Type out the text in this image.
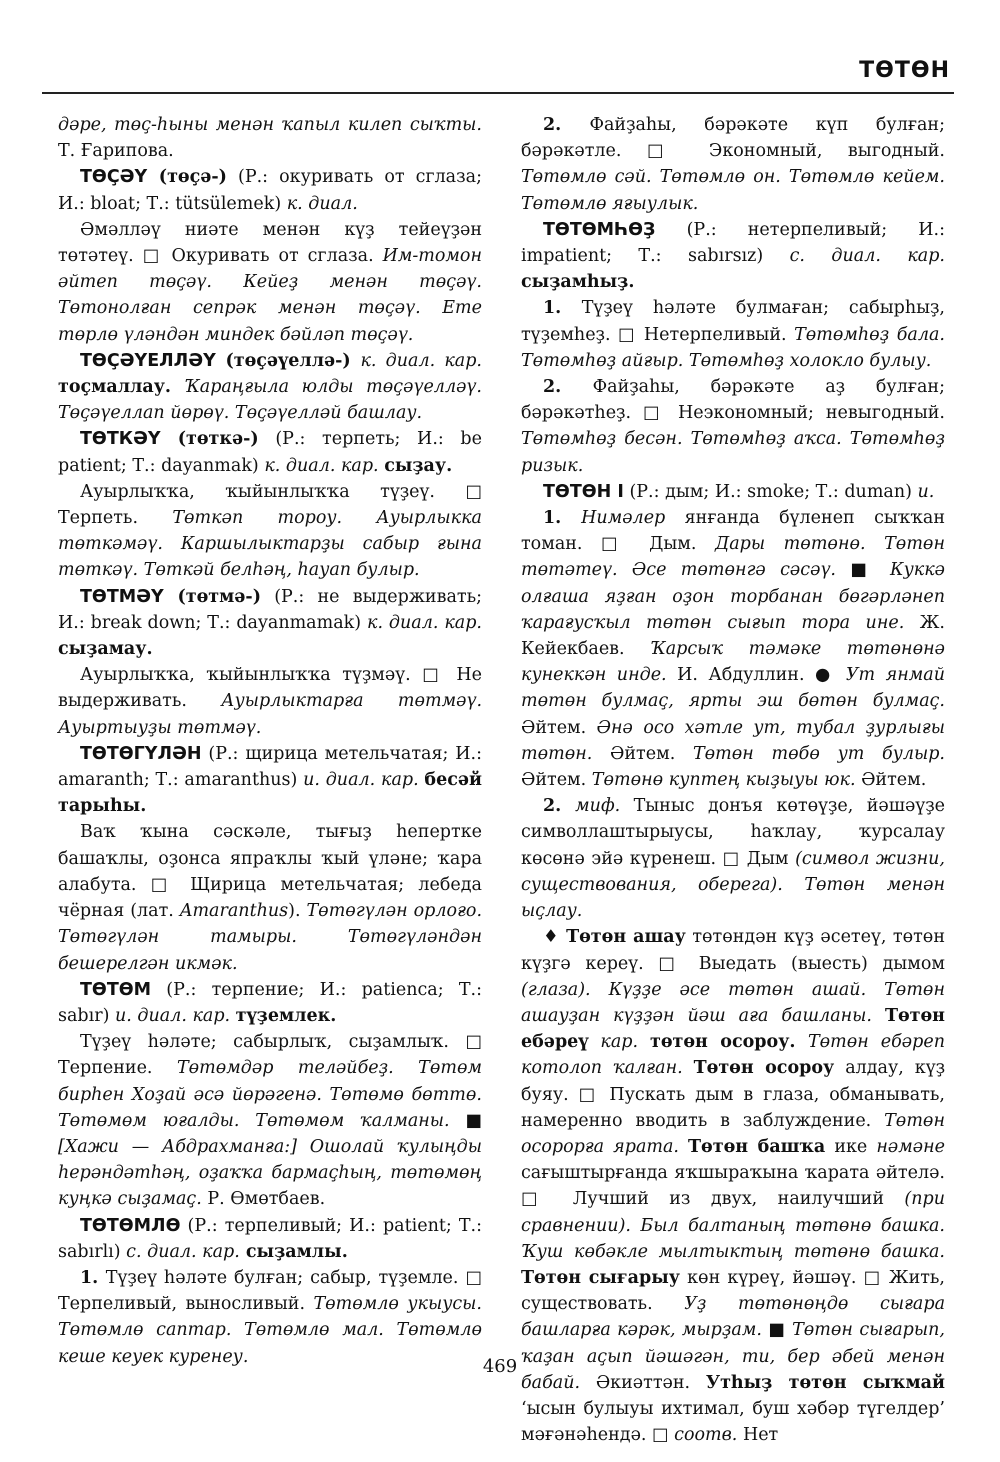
ТӨТӨН

дәре, төҫ-һыны менән ҡапыл килеп сыҡты. Т. Ғарипова.

ТӨҪӘҮ (төҫә-) (Р.: окуривать от сглаза; И.: bloat; Т.: tütsülemek) к. диал.

Әмәлләү ниәте менән күҙ тейеүҙән төтәтеү. □ Окуривать от сглаза. Им-томон әйтеп төҫәү. Кейеҙ менән төҫәү. Төтонолған сепрәк менән төҫәү. Ете төрлө үләндән миндек бәйләп төҫәү.

ТӨҪӘҮЕЛЛӘҮ (төҫәүеллә-) к. диал. кар. тоҫмаллау. Ҡараңғыла юлды төҫәүелләү. Төҫәүеллап йөрөү. Төҫәүелләй башлау.

ТӨТКӘҮ (төткә-) (Р.: терпеть; И.: be patient; Т.: dayanmak) к. диал. кар. сыҙау.

Ауырлыҡҡа, ҡыйынлыҡҡа түҙеү. □ Терпеть. Төткәп тороу. Ауырлыкка төткәмәү. Каршылыктарҙы сабыр ғына төткәү. Төткәй белһәң, һауап булыр.

ТӨТМӘҮ (төтмә-) (Р.: не выдерживать; И.: break down; Т.: dayanmamak) к. диал. кар. сыҙамау.

Ауырлыҡҡа, ҡыйынлыҡҡа түҙмәү. □ Не выдерживать. Ауырлыктарға төтмәү. Ауыртыуҙы төтмәү.

ТӨТӨГҮЛӘН (Р.: щирица метельчатая; И.: amaranth; Т.: amaranthus) и. диал. кар. бесәй тарыһы.

Ваҡ ҡына сәскәле, тығыҙ һепертке башаҡлы, оҙонса япраҡлы ҡый үләне; ҡара алабута. □ Щирица метельчатая; лебеда чёрная (лат. Amaranthus). Төтөгүлән орлоғо. Төтөгүлән тамыры. Төтөгүләндән бешерелгән икмәк.

ТӨТӨМ (Р.: терпение; И.: patienca; Т.: sabır) и. диал. кар. түҙемлек.

Түҙеү һәләте; сабырлыҡ, сыҙамлыҡ. □ Терпение. Төтөмдәр теләйбеҙ. Төтөм бирһен Хоҙай әсә йөрәгенә. Төтөмө бөттө. Төтөмөм юғалды. Төтөмөм ҡалманы. ■ [Хажи — Абдрахманға:] Ошолай ҡулыңды һерәндәтһәң, оҙаҡҡа бармаҫһың, төтөмөң куңкә сыҙамаҫ. Р. Өмөтбаев.

ТӨТӨМЛӨ (Р.: терпеливый; И.: patient; Т.: sabırlı) с. диал. кар. сыҙамлы.

1. Түҙеү һәләте булған; сабыр, түҙемле. □ Терпеливый, выносливый. Төтөмлө укыусы. Төтөмлө саптар. Төтөмлө мал. Төтөмлө кеше кеуек куренеу.

2. Файҙаһы, бәрәкәте күп булған; бәрәкәтле. □ Экономный, выгодный. Төтөмлө сәй. Төтөмлө он. Төтөмлө кейем. Төтөмлө яғыулык.

ТӨТӨМҺӨҘ (Р.: нетерпеливый; И.: impatient; Т.: sabırsız) с. диал. кар. сыҙамһыҙ.

1. Түҙеү һәләте булмаған; сабырһыҙ, түҙемһеҙ. □ Нетерпеливый. Төтөмһөҙ бала. Төтөмһөҙ айғыр. Төтөмһөҙ холокло булыу.

2. Файҙаһы, бәрәкәте аҙ булған; бәрәкәтһеҙ. □ Неэкономный; невыгодный. Төтөмһөҙ бесән. Төтөмһөҙ аҡса. Төтөмһөҙ ризык.

ТӨТӨН I (Р.: дым; И.: smoke; Т.: duman) и.

1. Нимәлер янғанда бүленеп сыҡҡан томан. □ Дым. Дары төтөнө. Төтөн төтәтеү. Әсе төтөнгә сәсәү. ■ Куккә олғаша яҙған оҙон торбанан бөгәрләнеп ҡарағусҡыл төтөн сығып тора ине. Ж. Кейекбаев. Ҡарсыҡ тәмәке төтөнөнә кунеккән инде. И. Абдуллин. ● Ут янмай төтөн булмаҫ, ярты эш бөтөн булмаҫ. Әйтем. Әнә осо хәтле ут, тубал ҙурлығы төтөн. Әйтем. Төтөн төбө ут булыр. Әйтем. Төтөнө куптең кыҙыуы юк. Әйтем.

2. миф. Тыныс донъя көтөүҙе, йәшәүҙе символлаштырыусы, һаҡлау, ҡурсалау көсөнә эйә күренеш. □ Дым (символ жизни, существования, оберега). Төтөн менән ыҫлау.

♦ Төтөн ашау төтөндән күҙ әсетеү, төтөн күҙгә кереү. □ Выедать (выесть) дымом (глаза). Күҙҙе әсе төтөн ашай. Төтөн ашауҙан күҙҙән йәш аға башланы. Төтөн ебәреү кар. төтөн осороу. Төтөн ебәреп котолоп ҡалған. Төтөн осороу алдау, күҙ буяу. □ Пускать дым в глаза, обманывать, намеренно вводить в заблуждение. Төтөн осорорға ярата. Төтөн башҡа ике нәмәне сағыштырғанда яҡшыраҡына ҡарата әйтелә. □ Лучший из двух, наилучший (при сравнении). Был балтаның төтөнө башка. Ҡуш көбәкле мылтыктың төтөнө башка. Төтөн сығарыу көн күреү, йәшәү. □ Жить, существовать. Уҙ төтөнөңдө сығара башларға кәрәк, мырҙам. ■ Төтөн сығарып, ҡаҙан аҫып йәшәгән, ти, бер әбей менән бабай. Әкиәттән. Утһыҙ төтөн сыҡмай ‘ысын булыуы ихтимал, буш хәбәр түгелдер’ мәғәнәһендә. □ соотв. Нет

469
